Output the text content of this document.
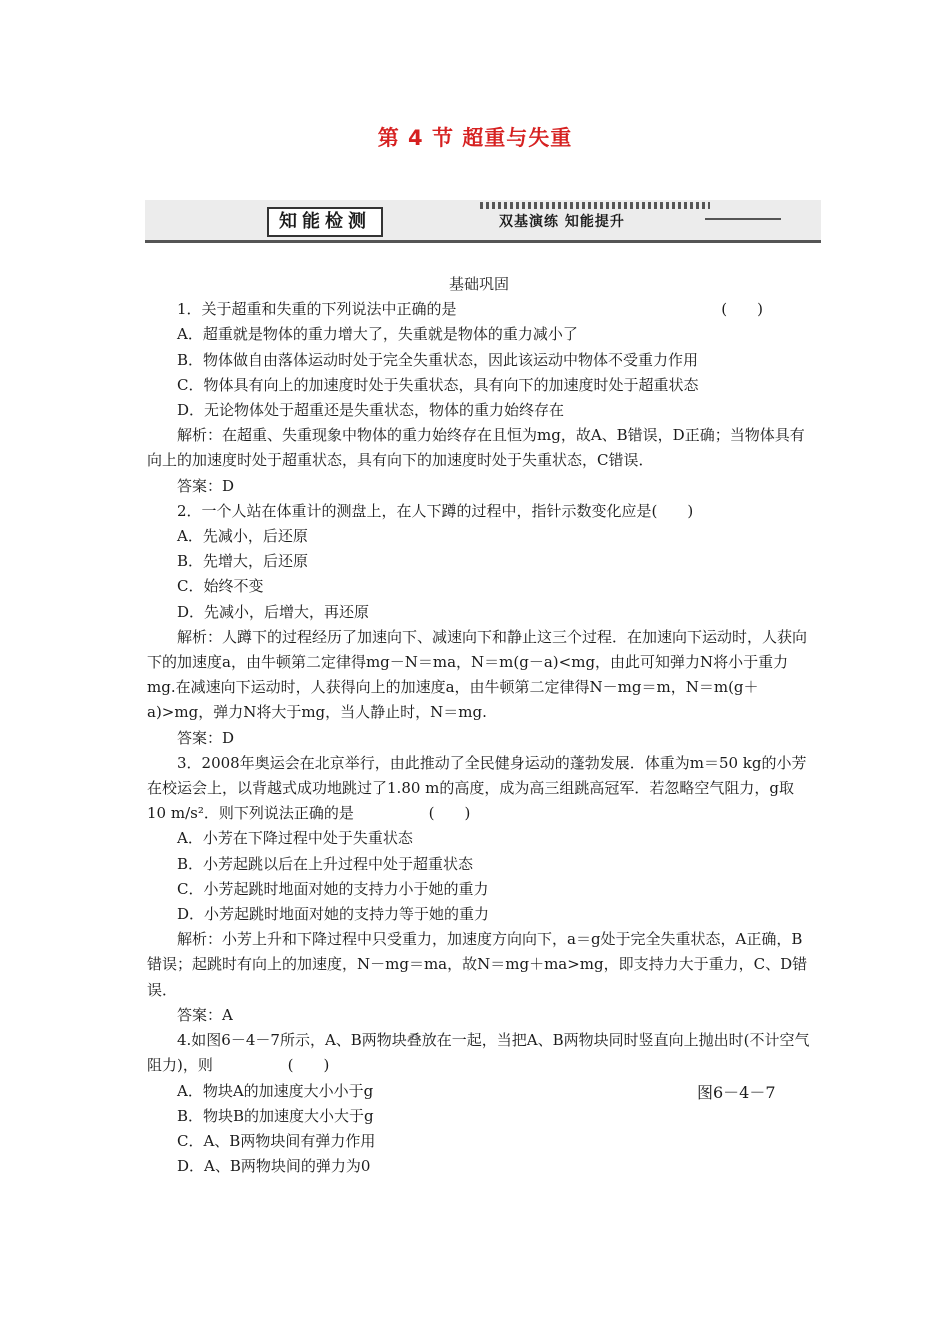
第 4 节 超重与失重
知能检测	双基演练 知能提升
基础巩固
1．关于超重和失重的下列说法中正确的是	(　　)
A．超重就是物体的重力增大了，失重就是物体的重力减小了
B．物体做自由落体运动时处于完全失重状态，因此该运动中物体不受重力作用
C．物体具有向上的加速度时处于失重状态，具有向下的加速度时处于超重状态
D．无论物体处于超重还是失重状态，物体的重力始终存在
解析：在超重、失重现象中物体的重力始终存在且恒为mg，故A、B错误，D正确；当物体具有向上的加速度时处于超重状态，具有向下的加速度时处于失重状态，C错误．
答案：D
2．一个人站在体重计的测盘上，在人下蹲的过程中，指针示数变化应是(　　)
A．先减小，后还原
B．先增大，后还原
C．始终不变
D．先减小，后增大，再还原
解析：人蹲下的过程经历了加速向下、减速向下和静止这三个过程．在加速向下运动时，人获向下的加速度a，由牛顿第二定律得mg－N＝ma，N＝m(g－a)<mg，由此可知弹力N将小于重力mg.在减速向下运动时，人获得向上的加速度a，由牛顿第二定律得N－mg＝m，N＝m(g＋a)>mg，弹力N将大于mg，当人静止时，N＝mg.
答案：D
3．2008年奥运会在北京举行，由此推动了全民健身运动的蓬勃发展．体重为m＝50 kg的小芳在校运会上，以背越式成功地跳过了1.80 m的高度，成为高三组跳高冠军．若忽略空气阻力，g取10 m/s²．则下列说法正确的是	(　　)
A．小芳在下降过程中处于失重状态
B．小芳起跳以后在上升过程中处于超重状态
C．小芳起跳时地面对她的支持力小于她的重力
D．小芳起跳时地面对她的支持力等于她的重力
解析：小芳上升和下降过程中只受重力，加速度方向向下，a＝g处于完全失重状态，A正确，B错误；起跳时有向上的加速度，N－mg＝ma，故N＝mg＋ma>mg，即支持力大于重力，C、D错误．
答案：A
4.如图6－4－7所示，A、B两物块叠放在一起，当把A、B两物块同时竖直向上抛出时(不计空气阻力)，则	(　　)
A．物块A的加速度大小小于g
B．物块B的加速度大小大于g
C．A、B两物块间有弹力作用
D．A、B两物块间的弹力为0
图6－4－7
